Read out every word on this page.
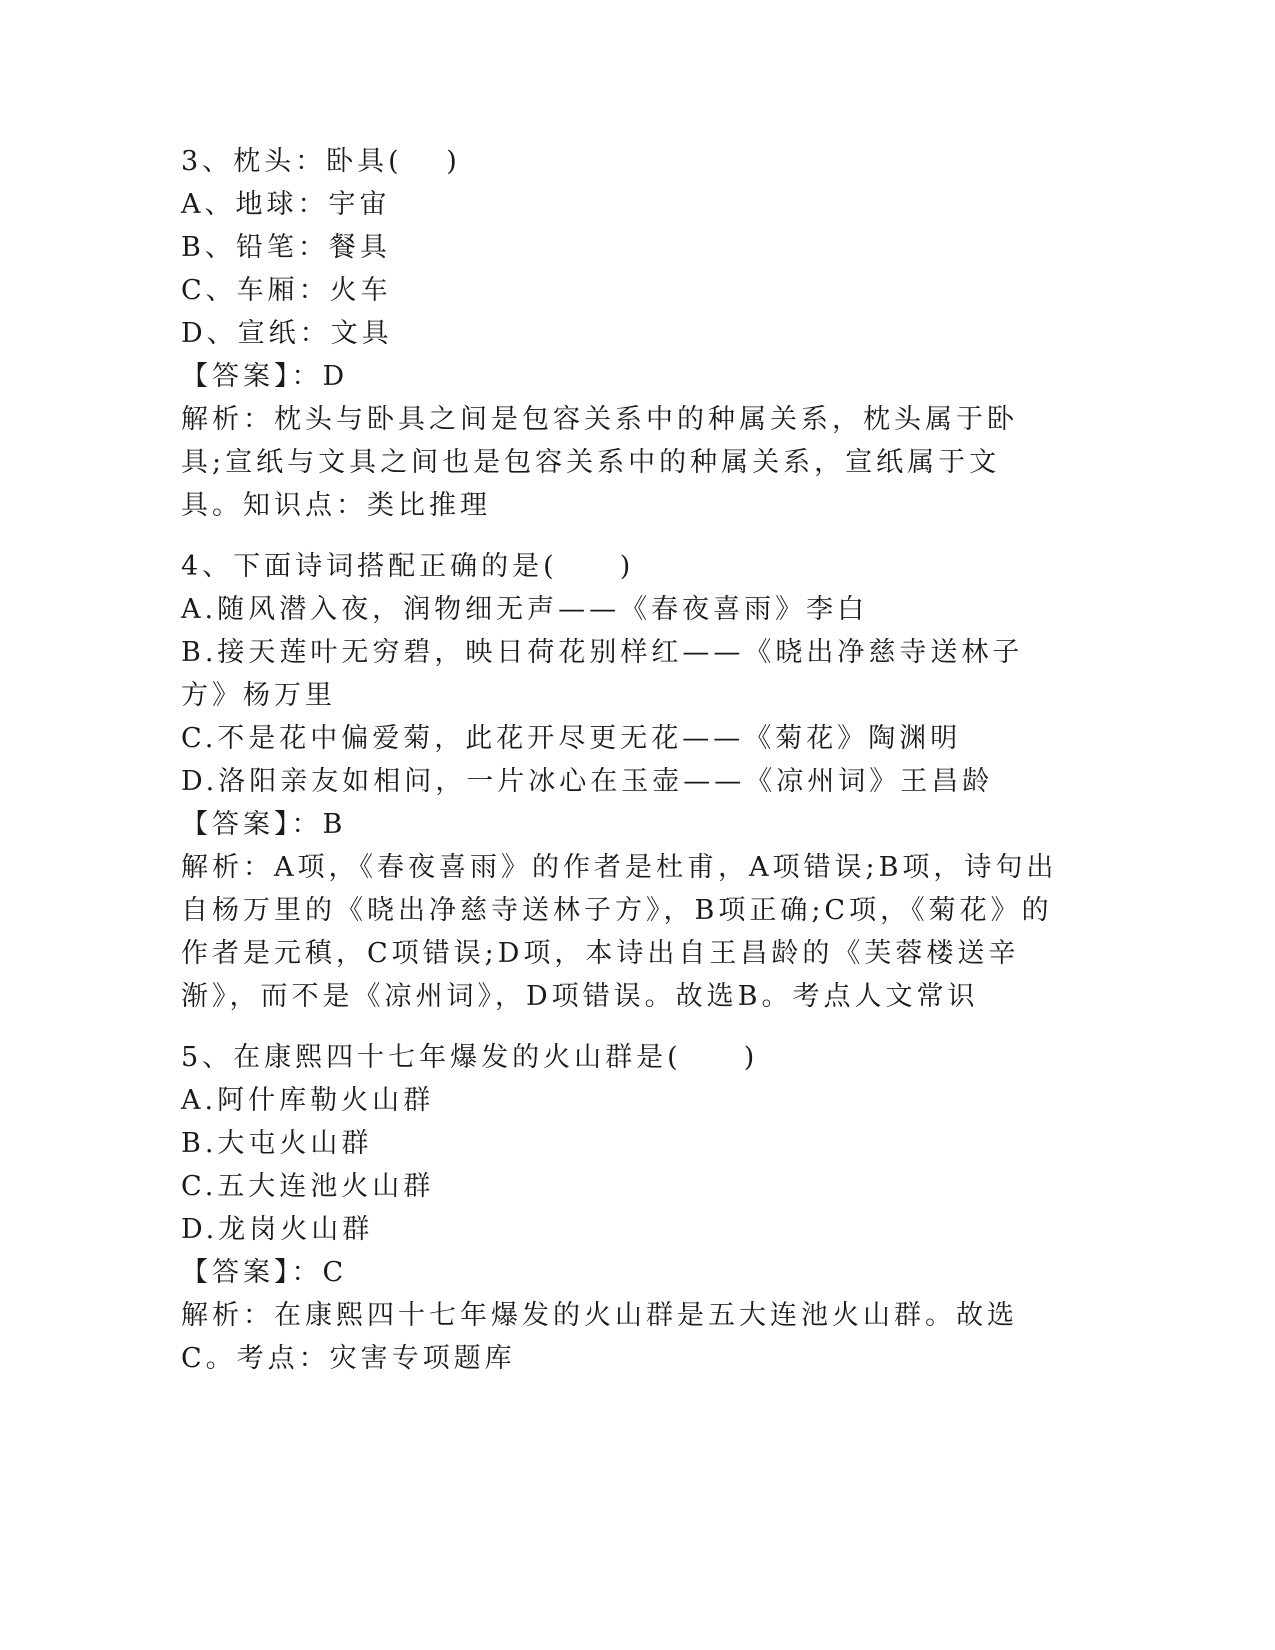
3、枕头：卧具(　 )
A、地球：宇宙
B、铅笔：餐具
C、车厢：火车
D、宣纸：文具
【答案】：D
解析：枕头与卧具之间是包容关系中的种属关系，枕头属于卧具;宣纸与文具之间也是包容关系中的种属关系，宣纸属于文具。知识点：类比推理
4、下面诗词搭配正确的是(　　)
A.随风潜入夜，润物细无声——《春夜喜雨》李白
B.接天莲叶无穷碧，映日荷花别样红——《晓出净慈寺送林子方》杨万里
C.不是花中偏爱菊，此花开尽更无花——《菊花》陶渊明
D.洛阳亲友如相问，一片冰心在玉壶——《凉州词》王昌龄
【答案】：B
解析：A项，《春夜喜雨》的作者是杜甫，A项错误;B项，诗句出自杨万里的《晓出净慈寺送林子方》，B项正确;C项，《菊花》的作者是元稹，C项错误;D项，本诗出自王昌龄的《芙蓉楼送辛渐》，而不是《凉州词》，D项错误。故选B。考点人文常识
5、在康熙四十七年爆发的火山群是(　　)
A.阿什库勒火山群
B.大屯火山群
C.五大连池火山群
D.龙岗火山群
【答案】：C
解析：在康熙四十七年爆发的火山群是五大连池火山群。故选C。考点：灾害专项题库
